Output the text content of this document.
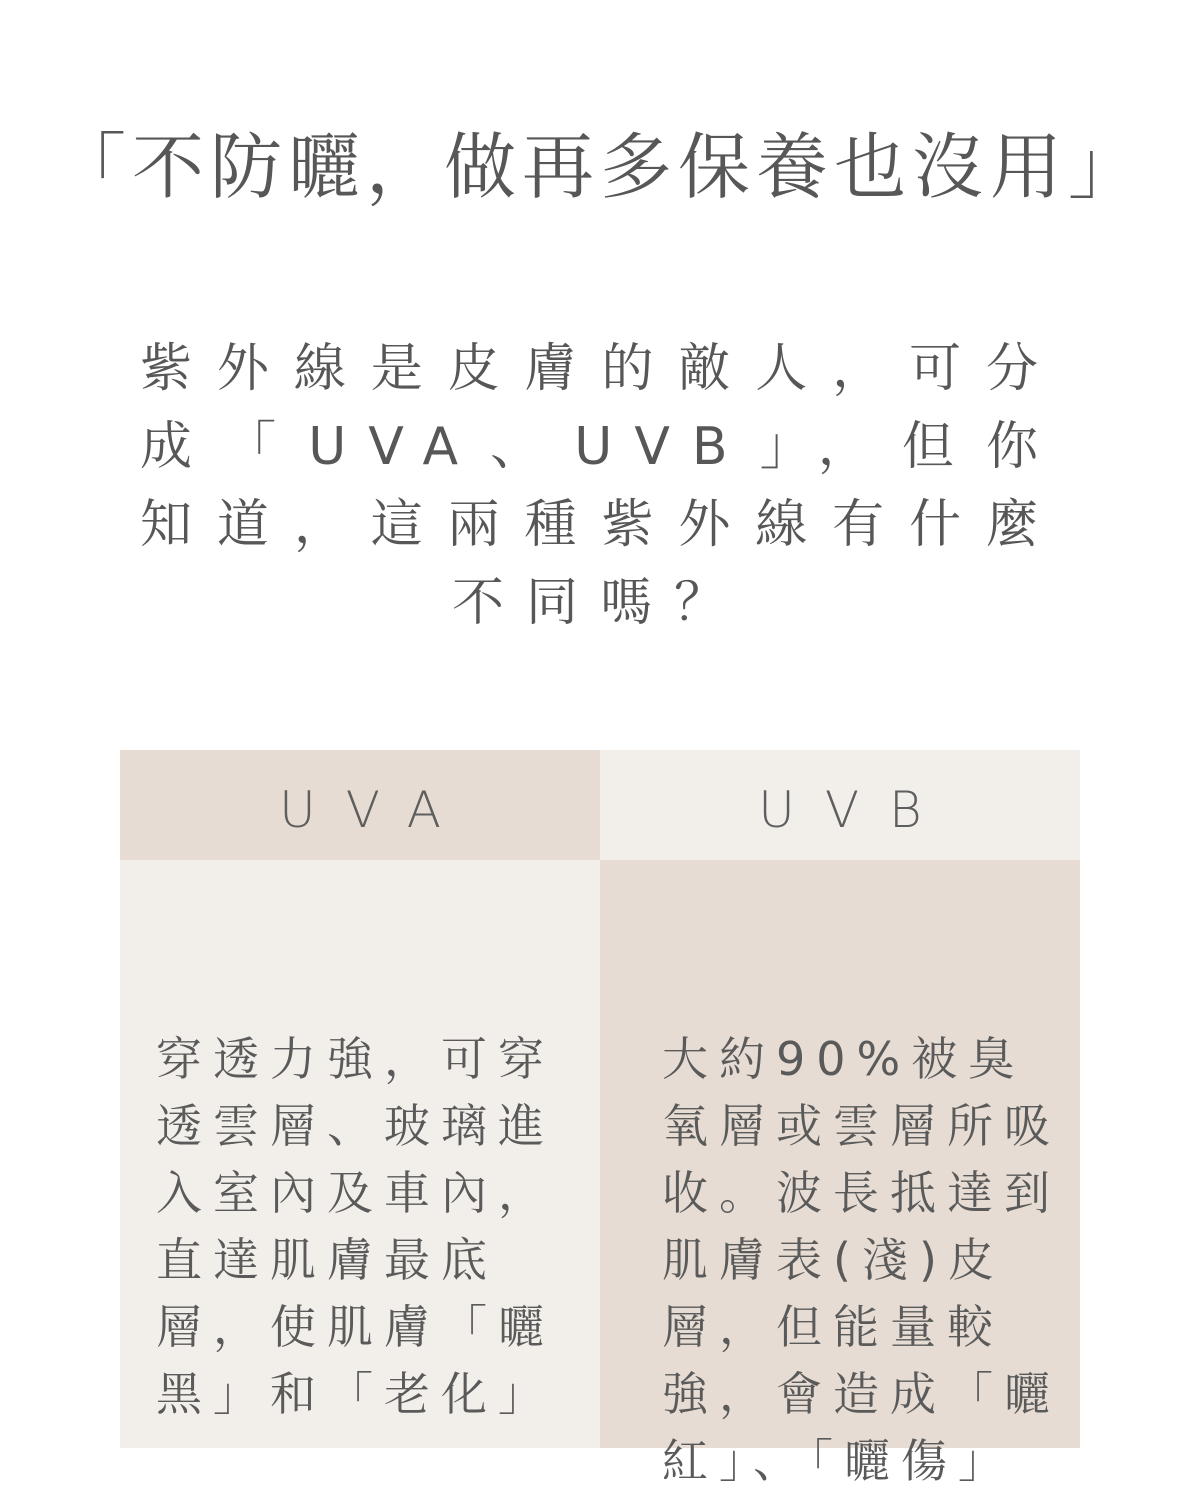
「不防曬，做再多保養也沒用」
紫外線是皮膚的敵人，可分
成「UVA、UVB」，但你
知道，這兩種紫外線有什麼
不同嗎？
UVA	UVB
穿透力強，可穿
透雲層、玻璃進
入室內及車內，
直達肌膚最底
層，使肌膚「曬
黑」和「老化」
大約90%被臭
氧層或雲層所吸
收。波長抵達到
肌膚表(淺)皮
層，但能量較
強，會造成「曬
紅」、「曬傷」
